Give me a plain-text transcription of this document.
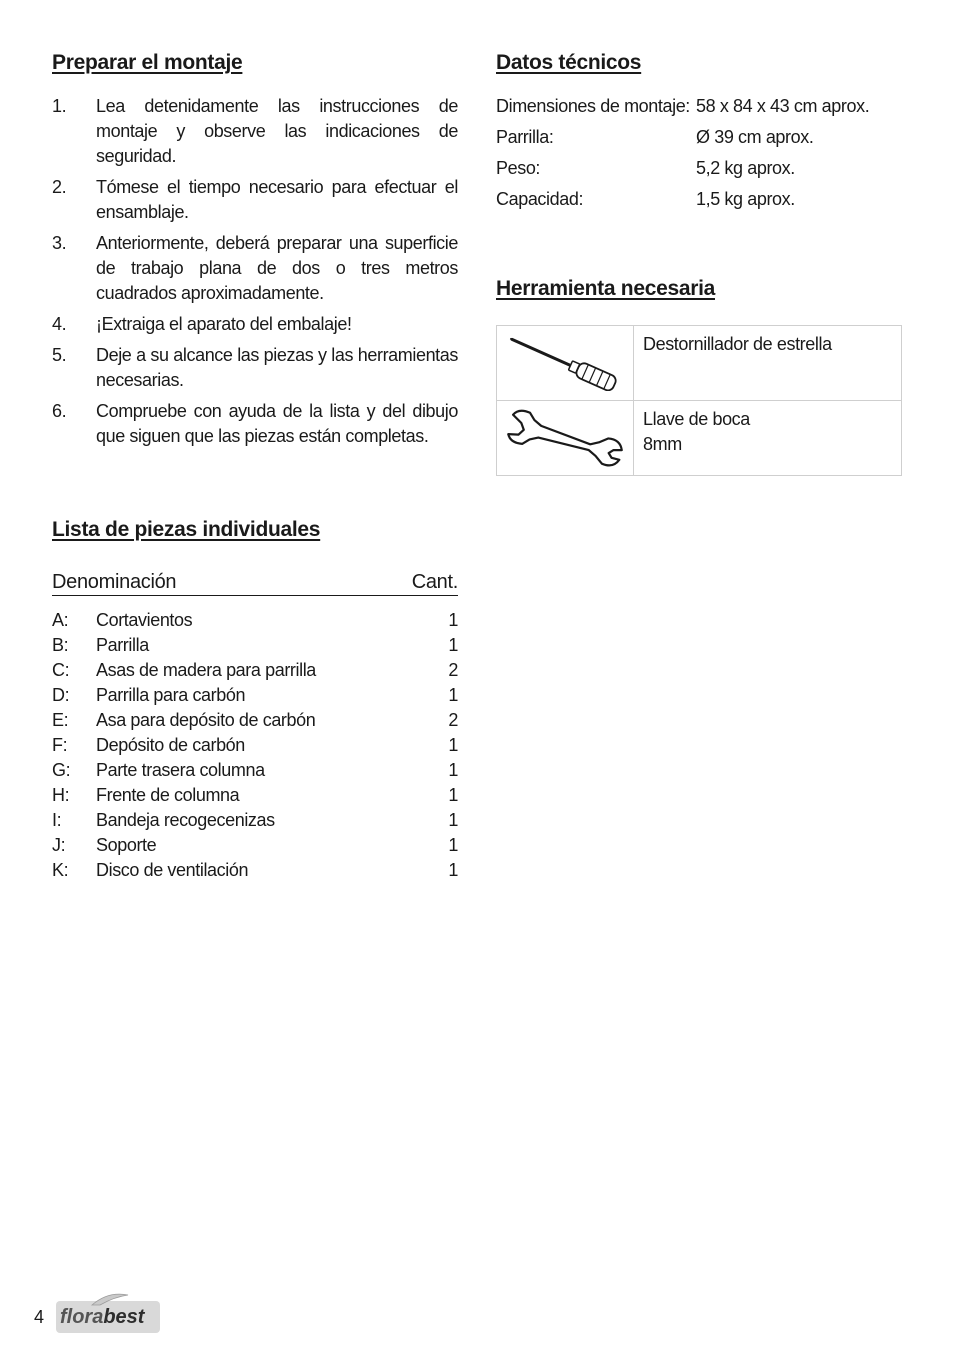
Preparar el montaje
1.	Lea detenidamente las instrucciones de montaje y observe las indicaciones de seguridad.
2.	Tómese el tiempo necesario para efectuar el ensamblaje.
3.	Anteriormente, deberá preparar una superficie de trabajo plana de dos o tres metros cuadrados aproximadamente.
4.	¡Extraiga el aparato del embalaje!
5.	Deje a su alcance las piezas y las herramientas necesarias.
6.	Compruebe con ayuda de la lista y del dibujo que siguen que las piezas están completas.
Lista de piezas individuales
Denominación	Cant.
A:	Cortavientos	1
B:	Parrilla	1
C:	Asas de madera para parrilla	2
D:	Parrilla para carbón	1
E:	Asa para depósito de carbón	2
F:	Depósito de carbón	1
G:	Parte trasera columna	1
H:	Frente de columna	1
I:	Bandeja recogecenizas	1
J:	Soporte	1
K:	Disco de ventilación	1
Datos técnicos
Dimensiones de montaje: 58 x 84 x 43 cm aprox.
Parrilla:	Ø 39 cm aprox.
Peso:	5,2 kg aprox.
Capacidad:	1,5 kg aprox.
Herramienta necesaria
Destornillador de estrella
Llave de boca
8mm
4 flora best
